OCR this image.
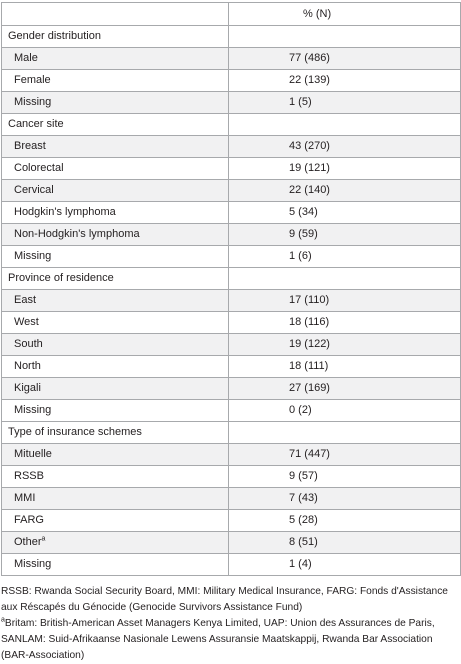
	% (N)
Gender distribution	
Male	77 (486)
Female	22 (139)
Missing	1 (5)
Cancer site	
Breast	43 (270)
Colorectal	19 (121)
Cervical	22 (140)
Hodgkin's lymphoma	5 (34)
Non-Hodgkin's lymphoma	9 (59)
Missing	1 (6)
Province of residence	
East	17 (110)
West	18 (116)
South	19 (122)
North	18 (111)
Kigali	27 (169)
Missing	0 (2)
Type of insurance schemes	
Mituelle	71 (447)
RSSB	9 (57)
MMI	7 (43)
FARG	5 (28)
Other$^a$	8 (51)
Missing	1 (4)

RSSB: Rwanda Social Security Board, MMI: Military Medical Insurance, FARG: Fonds d'Assistance aux Réscapés du Génocide (Genocide Survivors Assistance Fund)

$^a$Britam: British-American Asset Managers Kenya Limited, UAP: Union des Assurances de Paris, SANLAM: Suid-Afrikaanse Nasionale Lewens Assuransie Maatskappij, Rwanda Bar Association (BAR-Association)
